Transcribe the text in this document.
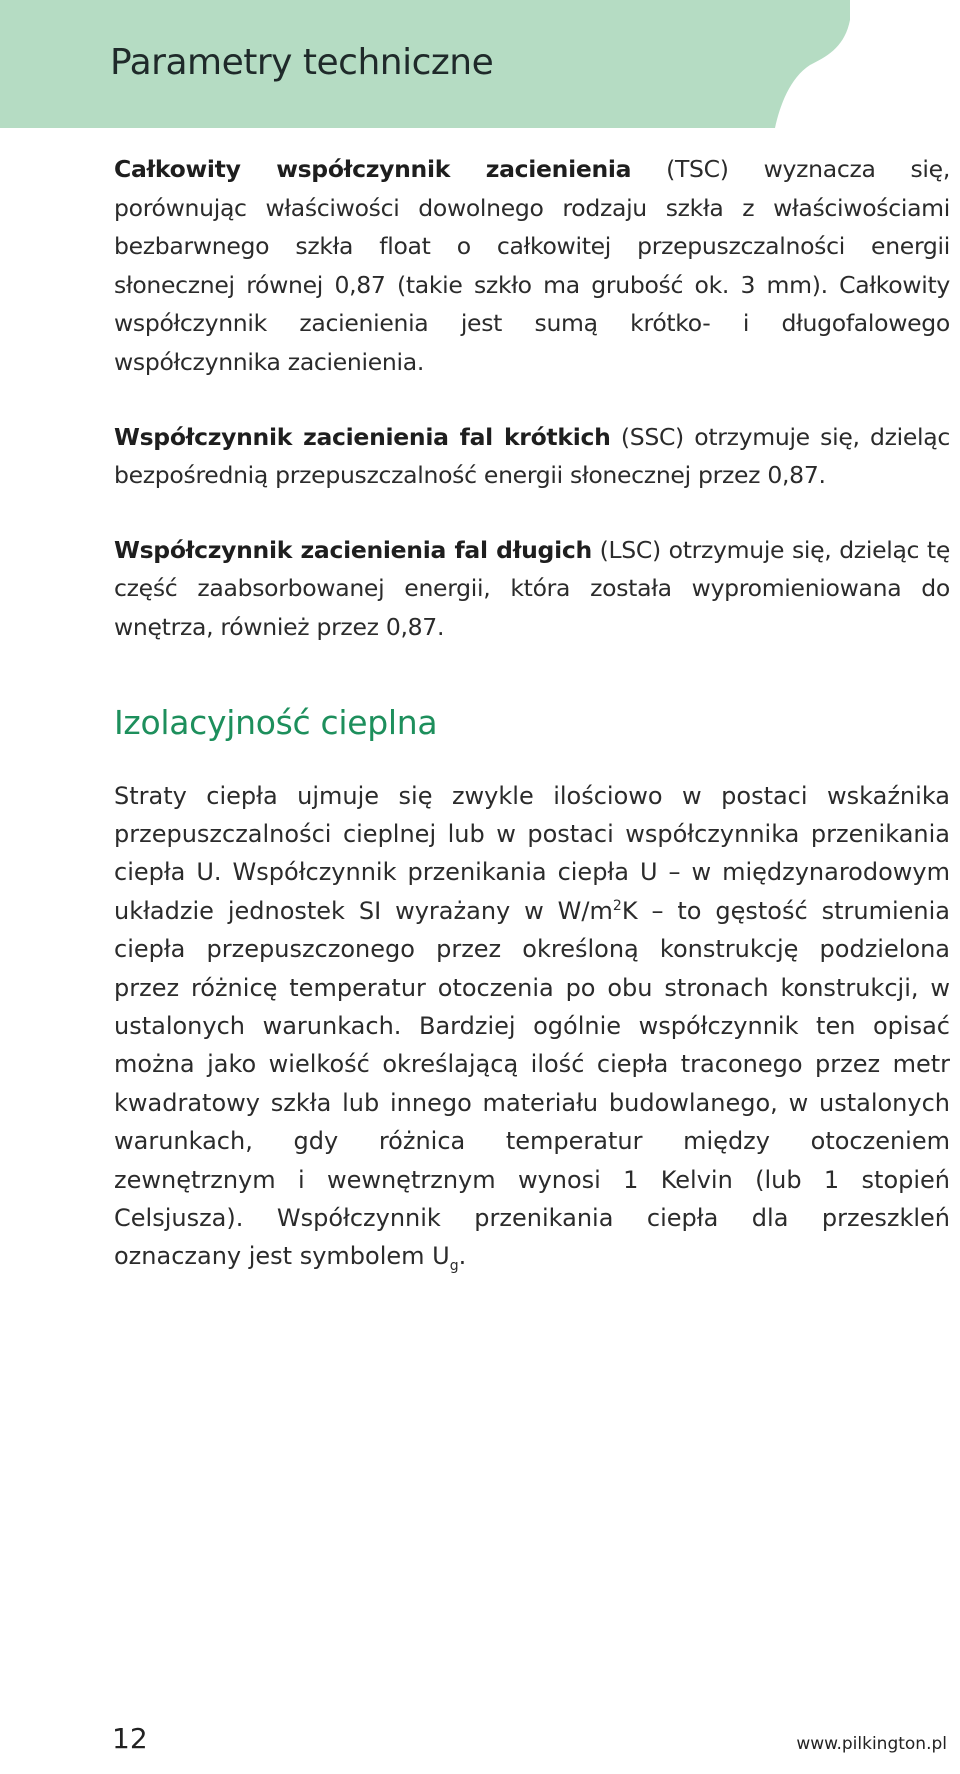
Parametry techniczne

Całkowity współczynnik zacienienia (TSC) wyznacza się, porównując właściwości dowolnego rodzaju szkła z właściwościami bezbarwnego szkła float o całkowitej przepuszczalności energii słonecznej równej 0,87 (takie szkło ma grubość ok. 3 mm). Całkowity współczynnik zacienienia jest sumą krótko- i długofalowego współczynnika zacienienia.

Współczynnik zacienienia fal krótkich (SSC) otrzymuje się, dzieląc bezpośrednią przepuszczalność energii słonecznej przez 0,87.

Współczynnik zacienienia fal długich (LSC) otrzymuje się, dzieląc tę część zaabsorbowanej energii, która została wypromieniowana do wnętrza, również przez 0,87.

Izolacyjność cieplna

Straty ciepła ujmuje się zwykle ilościowo w postaci wskaźnika przepuszczalności cieplnej lub w postaci współczynnika przenikania ciepła U. Współczynnik przenikania ciepła U – w międzynarodowym układzie jednostek SI wyrażany w $W/m^2K$ – to gęstość strumienia ciepła przepuszczonego przez określoną konstrukcję podzielona przez różnicę temperatur otoczenia po obu stronach konstrukcji, w ustalonych warunkach. Bardziej ogólnie współczynnik ten opisać można jako wielkość określającą ilość ciepła traconego przez metr kwadratowy szkła lub innego materiału budowlanego, w ustalonych warunkach, gdy różnica temperatur między otoczeniem zewnętrznym i wewnętrznym wynosi 1 Kelvin (lub 1 stopień Celsjusza). Współczynnik przenikania ciepła dla przeszkleń oznaczany jest symbolem $U_g$.

12	www.pilkington.pl
